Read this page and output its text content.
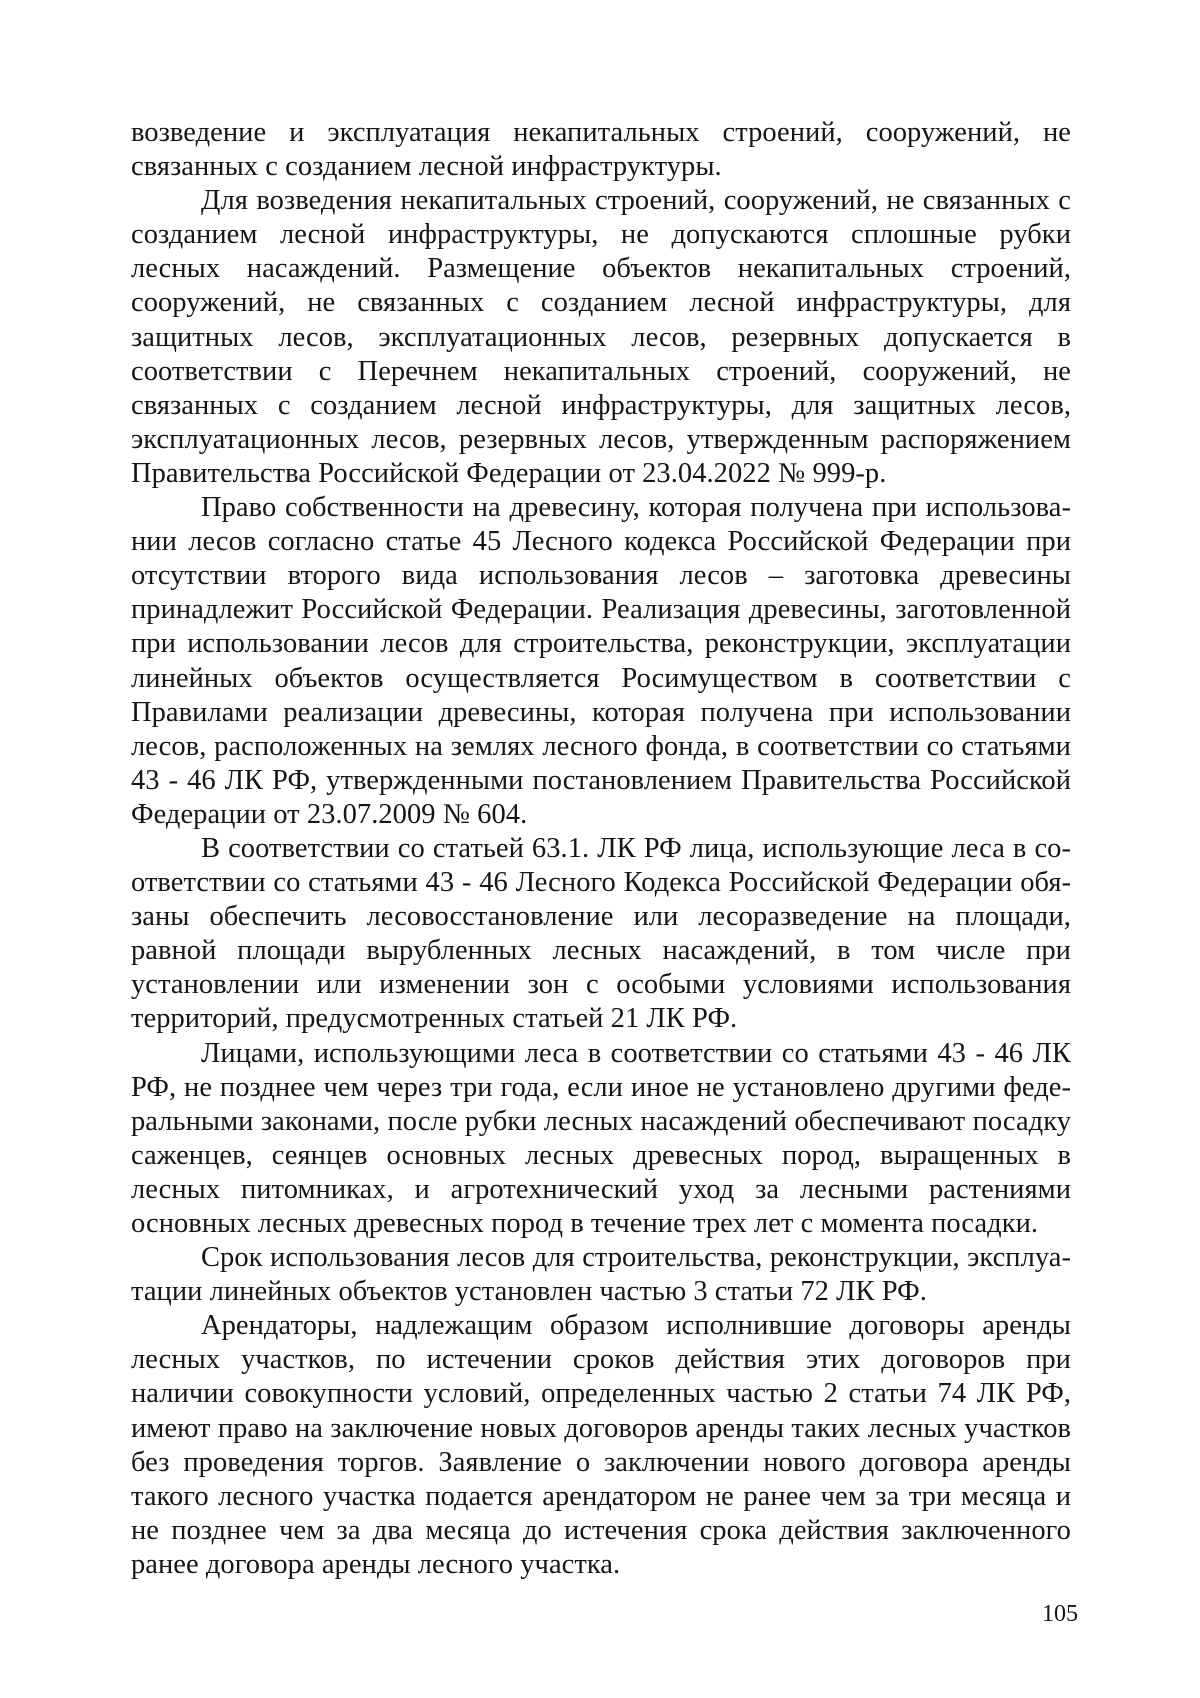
возведение и эксплуатация некапитальных строений, сооружений, не связанных с созданием лесной инфраструктуры.

Для возведения некапитальных строений, сооружений, не связанных с созданием лесной инфраструктуры, не допускаются сплошные рубки лесных насаждений. Размещение объектов некапитальных строений, сооружений, не связанных с созданием лесной инфраструктуры, для защитных лесов, эксплуатационных лесов, резервных допускается в соответствии с Перечнем некапитальных строений, сооружений, не связанных с созданием лесной инфраструктуры, для защитных лесов, эксплуатационных лесов, резервных лесов, утвержденным распоряжением Правительства Российской Федерации от 23.04.2022 № 999-р.

Право собственности на древесину, которая получена при использовании лесов согласно статье 45 Лесного кодекса Российской Федерации при отсутствии второго вида использования лесов – заготовка древесины принадлежит Российской Федерации. Реализация древесины, заготовленной при использовании лесов для строительства, реконструкции, эксплуатации линейных объектов осуществляется Росимуществом в соответствии с Правилами реализации древесины, которая получена при использовании лесов, расположенных на землях лесного фонда, в соответствии со статьями 43 - 46 ЛК РФ, утвержденными постановлением Правительства Российской Федерации от 23.07.2009 № 604.

В соответствии со статьей 63.1. ЛК РФ лица, использующие леса в соответствии со статьями 43 - 46 Лесного Кодекса Российской Федерации обязаны обеспечить лесовосстановление или лесоразведение на площади, равной площади вырубленных лесных насаждений, в том числе при установлении или изменении зон с особыми условиями использования территорий, предусмотренных статьей 21 ЛК РФ.

Лицами, использующими леса в соответствии со статьями 43 - 46 ЛК РФ, не позднее чем через три года, если иное не установлено другими федеральными законами, после рубки лесных насаждений обеспечивают посадку саженцев, сеянцев основных лесных древесных пород, выращенных в лесных питомниках, и агротехнический уход за лесными растениями основных лесных древесных пород в течение трех лет с момента посадки.

Срок использования лесов для строительства, реконструкции, эксплуатации линейных объектов установлен частью 3 статьи 72 ЛК РФ.

Арендаторы, надлежащим образом исполнившие договоры аренды лесных участков, по истечении сроков действия этих договоров при наличии совокупности условий, определенных частью 2 статьи 74 ЛК РФ, имеют право на заключение новых договоров аренды таких лесных участков без проведения торгов. Заявление о заключении нового договора аренды такого лесного участка подается арендатором не ранее чем за три месяца и не позднее чем за два месяца до истечения срока действия заключенного ранее договора аренды лесного участка.

105
